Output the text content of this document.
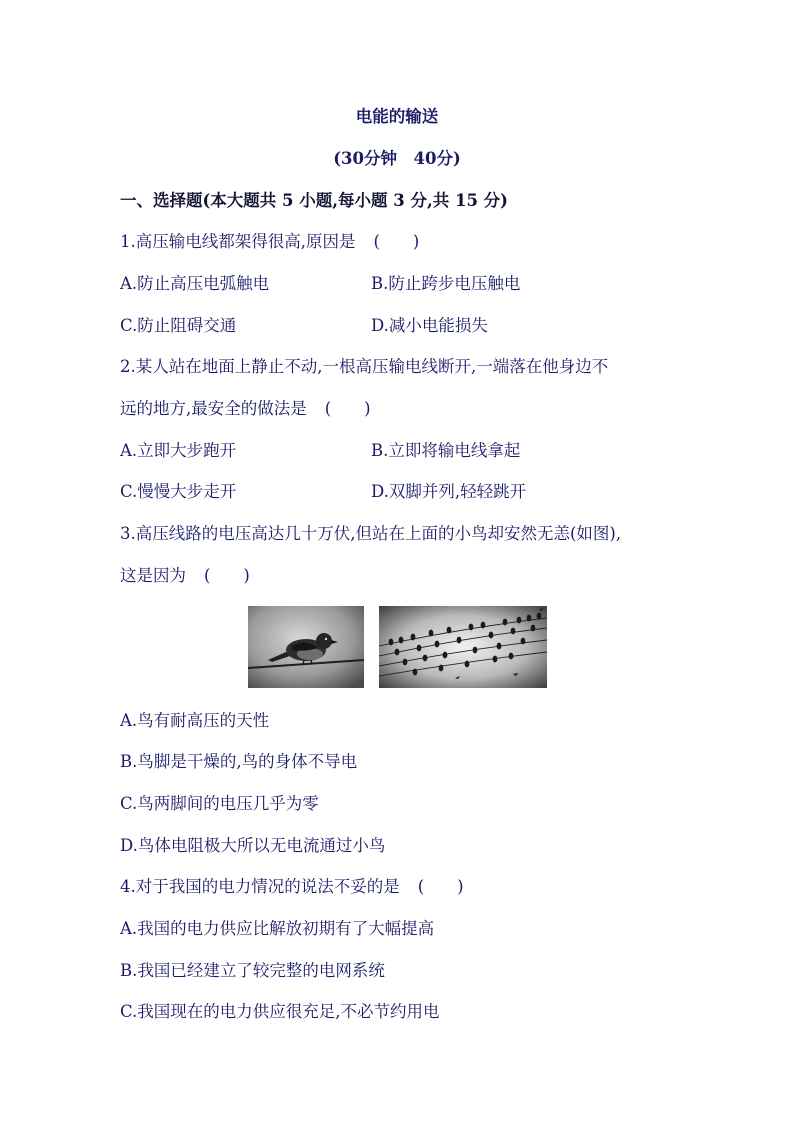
电能的输送
(30分钟　40分)
一、选择题(本大题共 5 小题,每小题 3 分,共 15 分)
1.高压输电线都架得很高,原因是 (　　)
A.防止高压电弧触电	B.防止跨步电压触电
C.防止阻碍交通	D.减小电能损失
2.某人站在地面上静止不动,一根高压输电线断开,一端落在他身边不
远的地方,最安全的做法是 (　　)
A.立即大步跑开	B.立即将输电线拿起
C.慢慢大步走开	D.双脚并列,轻轻跳开
3.高压线路的电压高达几十万伏,但站在上面的小鸟却安然无恙(如图),
这是因为 (　　)
A.鸟有耐高压的天性
B.鸟脚是干燥的,鸟的身体不导电
C.鸟两脚间的电压几乎为零
D.鸟体电阻极大所以无电流通过小鸟
4.对于我国的电力情况的说法不妥的是 (　　)
A.我国的电力供应比解放初期有了大幅提高
B.我国已经建立了较完整的电网系统
C.我国现在的电力供应很充足,不必节约用电
